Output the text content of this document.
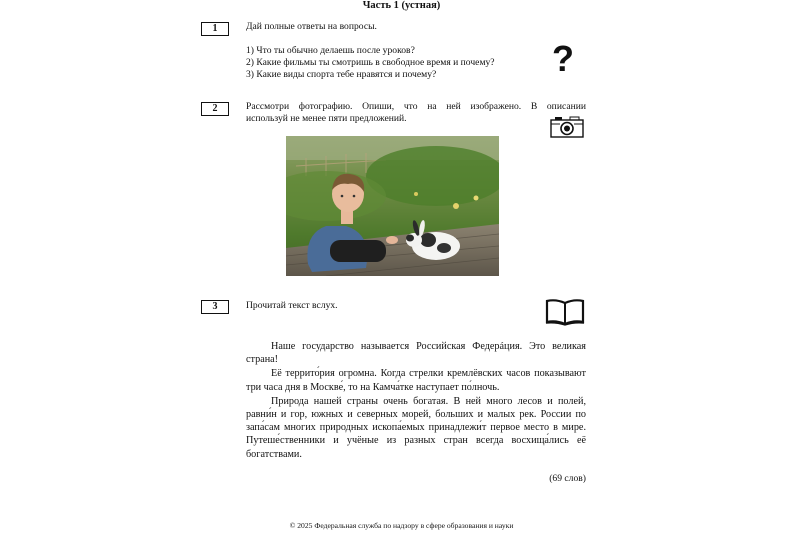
Часть 1 (устная)
1	Дай полные ответы на вопросы.
1) Что ты обычно делаешь после уроков?
2) Какие фильмы ты смотришь в свободное время и почему?
3) Какие виды спорта тебе нравятся и почему?	?
2	Рассмотри фотографию. Опиши, что на ней изображено. В описании
используй не менее пяти предложений.
3	Прочитай текст вслух.

Наше государство называется Российская Федерáция. Это великая страна!

Её террито́рия огромна. Когда стрелки кремлёвских часов показывают три часа дня в Москве́, то на Камча́тке наступает по́лночь.

Природа нашей страны очень богатая. В ней много лесов и полей, равни́н и гор, южных и северных морей, больших и малых рек. России по запа́сам многих природных ископа́емых принадлежи́т первое место в мире. Путеше́ственники и учёные из разных стран всегда восхища́лись её богатствами.

(69 слов)
© 2025 Федеральная служба по надзору в сфере образования и науки
